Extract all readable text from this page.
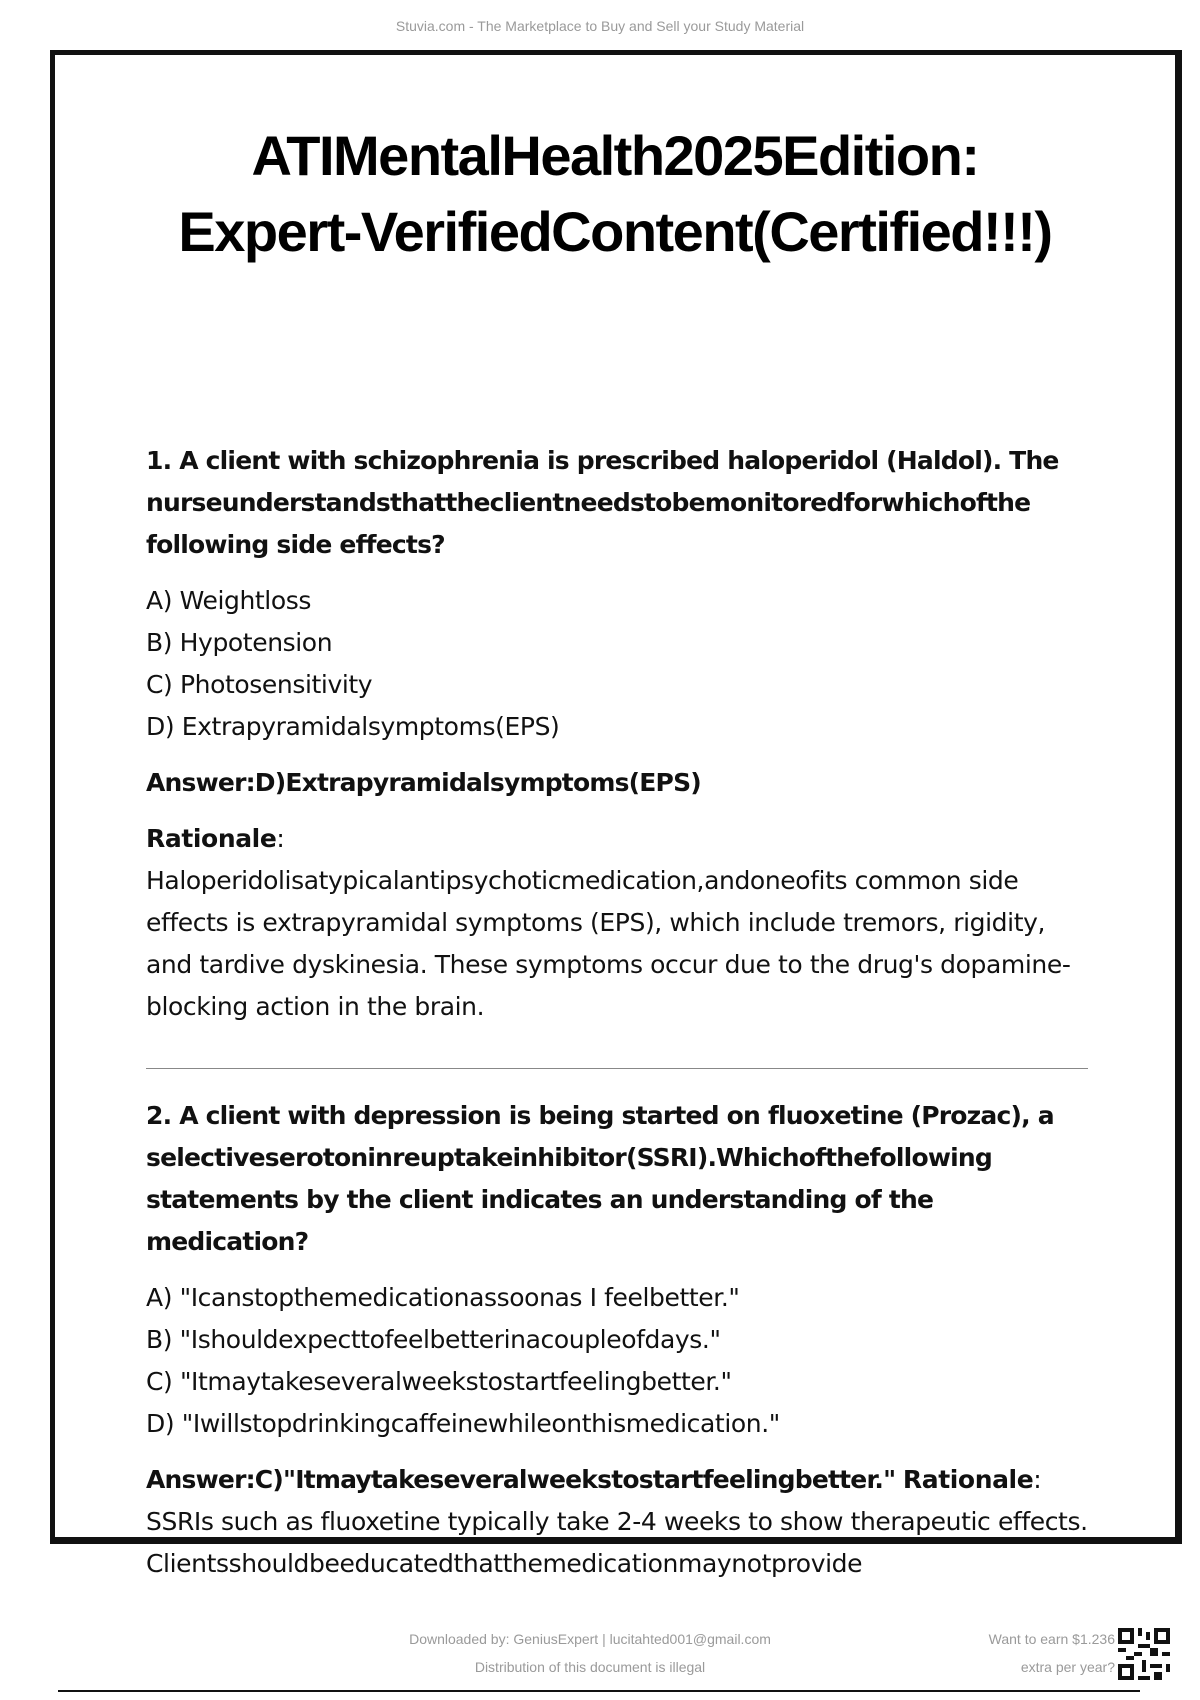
Stuvia.com - The Marketplace to Buy and Sell your Study Material
ATIMentalHealth2025Edition:
Expert-VerifiedContent(Certified!!!)

1. A client with schizophrenia is prescribed haloperidol (Haldol). The nurseunderstandsthattheclientneedstobemonitoredforwhichofthe following side effects?

A) Weightloss
B) Hypotension
C) Photosensitivity
D) Extrapyramidalsymptoms(EPS)

Answer:D)Extrapyramidalsymptoms(EPS)

Rationale:
Haloperidolisatypicalantipsychoticmedication,andoneofits common side effects is extrapyramidal symptoms (EPS), which include tremors, rigidity, and tardive dyskinesia. These symptoms occur due to the drug's dopamine-blocking action in the brain.

2. A client with depression is being started on fluoxetine (Prozac), a selectiveserotoninreuptakeinhibitor(SSRI).Whichofthefollowing statements by the client indicates an understanding of the medication?

A) "Icanstopthemedicationassoonas I feelbetter."
B) "Ishouldexpecttofeelbetterinacoupleofdays."
C) "Itmaytakeseveralweekstostartfeelingbetter."
D) "Iwillstopdrinkingcaffeinewhileonthismedication."

Answer:C)"Itmaytakeseveralweekstostartfeelingbetter." Rationale: SSRIs such as fluoxetine typically take 2-4 weeks to show therapeutic effects. Clientsshouldbeeducatedthatthemedicationmaynotprovide

Downloaded by: GeniusExpert | lucitahted001@gmail.com
Distribution of this document is illegal
Want to earn $1.236
extra per year?
